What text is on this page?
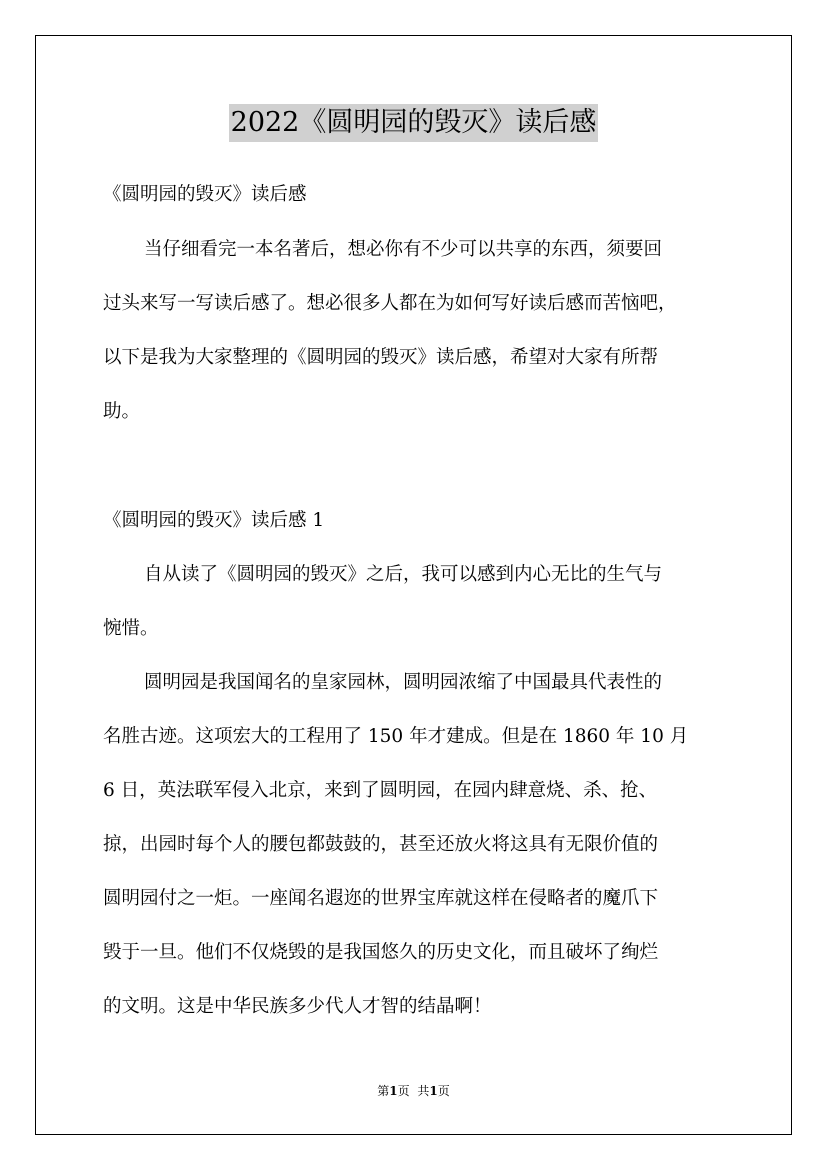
2022《圆明园的毁灭》读后感
《圆明园的毁灭》读后感
当仔细看完一本名著后，想必你有不少可以共享的东西，须要回
过头来写一写读后感了。想必很多人都在为如何写好读后感而苦恼吧，
以下是我为大家整理的《圆明园的毁灭》读后感，希望对大家有所帮
助。
《圆明园的毁灭》读后感 1
自从读了《圆明园的毁灭》之后，我可以感到内心无比的生气与
惋惜。
圆明园是我国闻名的皇家园林，圆明园浓缩了中国最具代表性的
名胜古迹。这项宏大的工程用了 150 年才建成。但是在 1860 年 10 月
6 日，英法联军侵入北京，来到了圆明园，在园内肆意烧、杀、抢、
掠，出园时每个人的腰包都鼓鼓的，甚至还放火将这具有无限价值的
圆明园付之一炬。一座闻名遐迩的世界宝库就这样在侵略者的魔爪下
毁于一旦。他们不仅烧毁的是我国悠久的历史文化，而且破坏了绚烂
的文明。这是中华民族多少代人才智的结晶啊！
第1页 共1页
